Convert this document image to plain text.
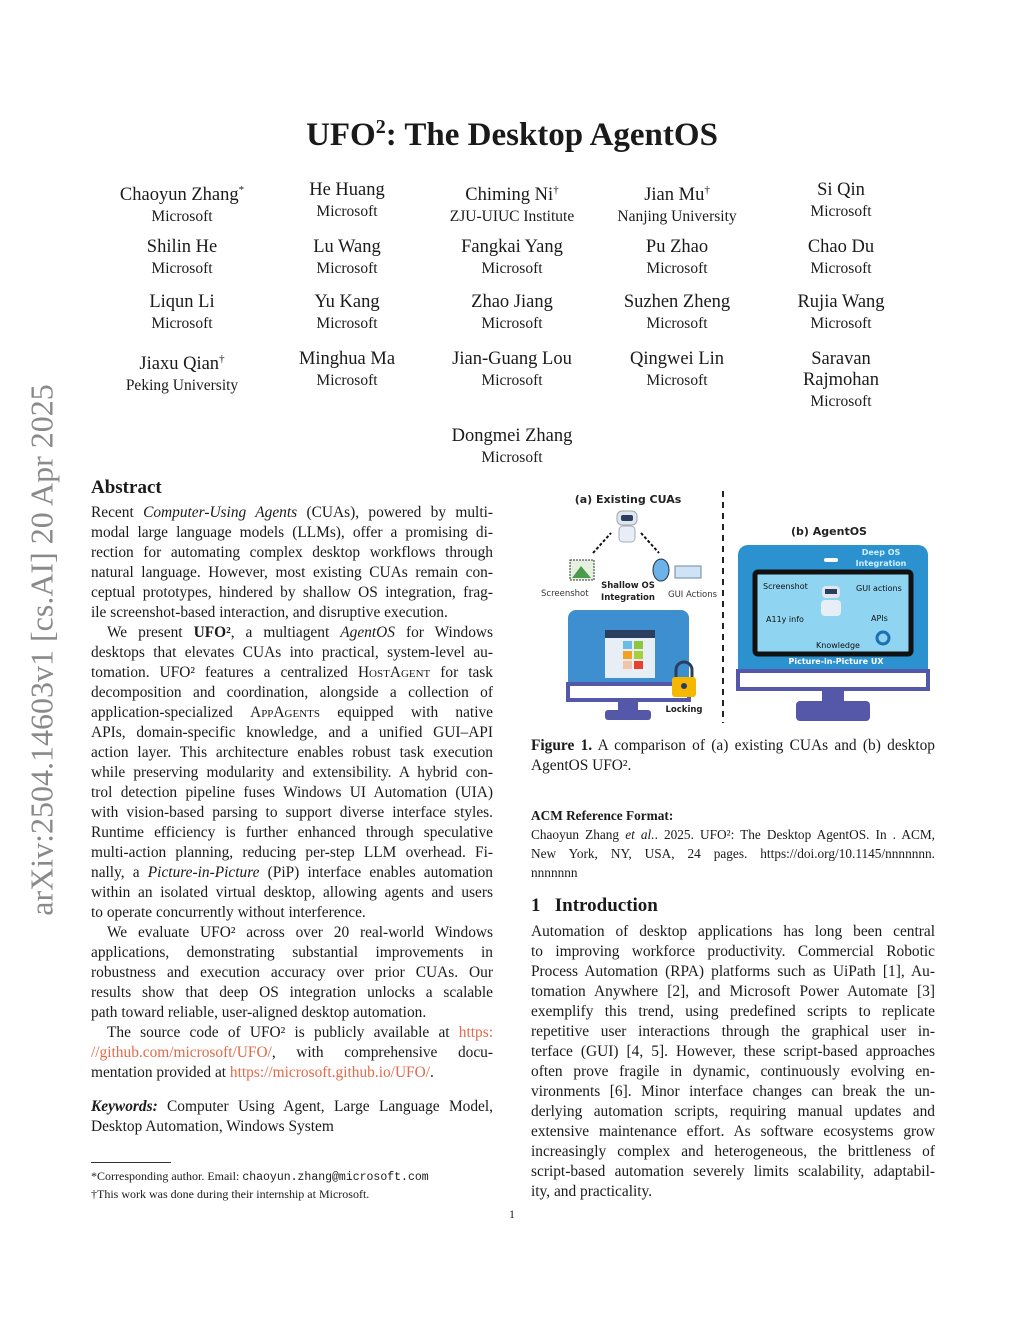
UFO$^2$: The Desktop AgentOS
arXiv:2504.14603v1 [cs.AI] 20 Apr 2025
Chaoyun Zhang*
Microsoft
He Huang
Microsoft
Chiming Ni†
ZJU-UIUC Institute
Jian Mu†
Nanjing University
Si Qin
Microsoft
Shilin He
Microsoft
Lu Wang
Microsoft
Fangkai Yang
Microsoft
Pu Zhao
Microsoft
Chao Du
Microsoft
Liqun Li
Microsoft
Yu Kang
Microsoft
Zhao Jiang
Microsoft
Suzhen Zheng
Microsoft
Rujia Wang
Microsoft
Jiaxu Qian†
Peking University
Minghua Ma
Microsoft
Jian-Guang Lou
Microsoft
Qingwei Lin
Microsoft
Saravan Rajmohan
Microsoft
Dongmei Zhang
Microsoft
Abstract
Recent Computer-Using Agents (CUAs), powered by multi-
modal large language models (LLMs), offer a promising di-
rection for automating complex desktop workflows through
natural language. However, most existing CUAs remain con-
ceptual prototypes, hindered by shallow OS integration, frag-
ile screenshot-based interaction, and disruptive execution.
We present UFO², a multiagent AgentOS for Windows
desktops that elevates CUAs into practical, system-level au-
tomation. UFO² features a centralized HostAgent for task
decomposition and coordination, alongside a collection of
application-specialized AppAgents equipped with native
APIs, domain-specific knowledge, and a unified GUI–API
action layer. This architecture enables robust task execution
while preserving modularity and extensibility. A hybrid con-
trol detection pipeline fuses Windows UI Automation (UIA)
with vision-based parsing to support diverse interface styles.
Runtime efficiency is further enhanced through speculative
multi-action planning, reducing per-step LLM overhead. Fi-
nally, a Picture-in-Picture (PiP) interface enables automation
within an isolated virtual desktop, allowing agents and users
to operate concurrently without interference.
We evaluate UFO² across over 20 real-world Windows
applications, demonstrating substantial improvements in
robustness and execution accuracy over prior CUAs. Our
results show that deep OS integration unlocks a scalable
path toward reliable, user-aligned desktop automation.
The source code of UFO² is publicly available at https:
//github.com/microsoft/UFO/, with comprehensive docu-
mentation provided at https://microsoft.github.io/UFO/.
Keywords: Computer Using Agent, Large Language Model,
Desktop Automation, Windows System
*Corresponding author. Email: chaoyun.zhang@microsoft.com
†This work was done during their internship at Microsoft.
1
(a) Existing CUAs
Screenshot
Shallow OS
Integration GUI Actions
Locking
(b) AgentOS
Deep OS
Integration
Screenshot	GUI actions
A11y info	APIs
Knowledge
Picture-in-Picture UX
Figure 1. A comparison of (a) existing CUAs and (b) desktop
AgentOS UFO².
ACM Reference Format:
Chaoyun Zhang et al.. 2025. UFO²: The Desktop AgentOS. In . ACM,
New York, NY, USA, 24 pages. https://doi.org/10.1145/nnnnnnn.
nnnnnnn
1 Introduction
Automation of desktop applications has long been central
to improving workforce productivity. Commercial Robotic
Process Automation (RPA) platforms such as UiPath [1], Au-
tomation Anywhere [2], and Microsoft Power Automate [3]
exemplify this trend, using predefined scripts to replicate
repetitive user interactions through the graphical user in-
terface (GUI) [4, 5]. However, these script-based approaches
often prove fragile in dynamic, continuously evolving en-
vironments [6]. Minor interface changes can break the un-
derlying automation scripts, requiring manual updates and
extensive maintenance effort. As software ecosystems grow
increasingly complex and heterogeneous, the brittleness of
script-based automation severely limits scalability, adaptabil-
ity, and practicality.
